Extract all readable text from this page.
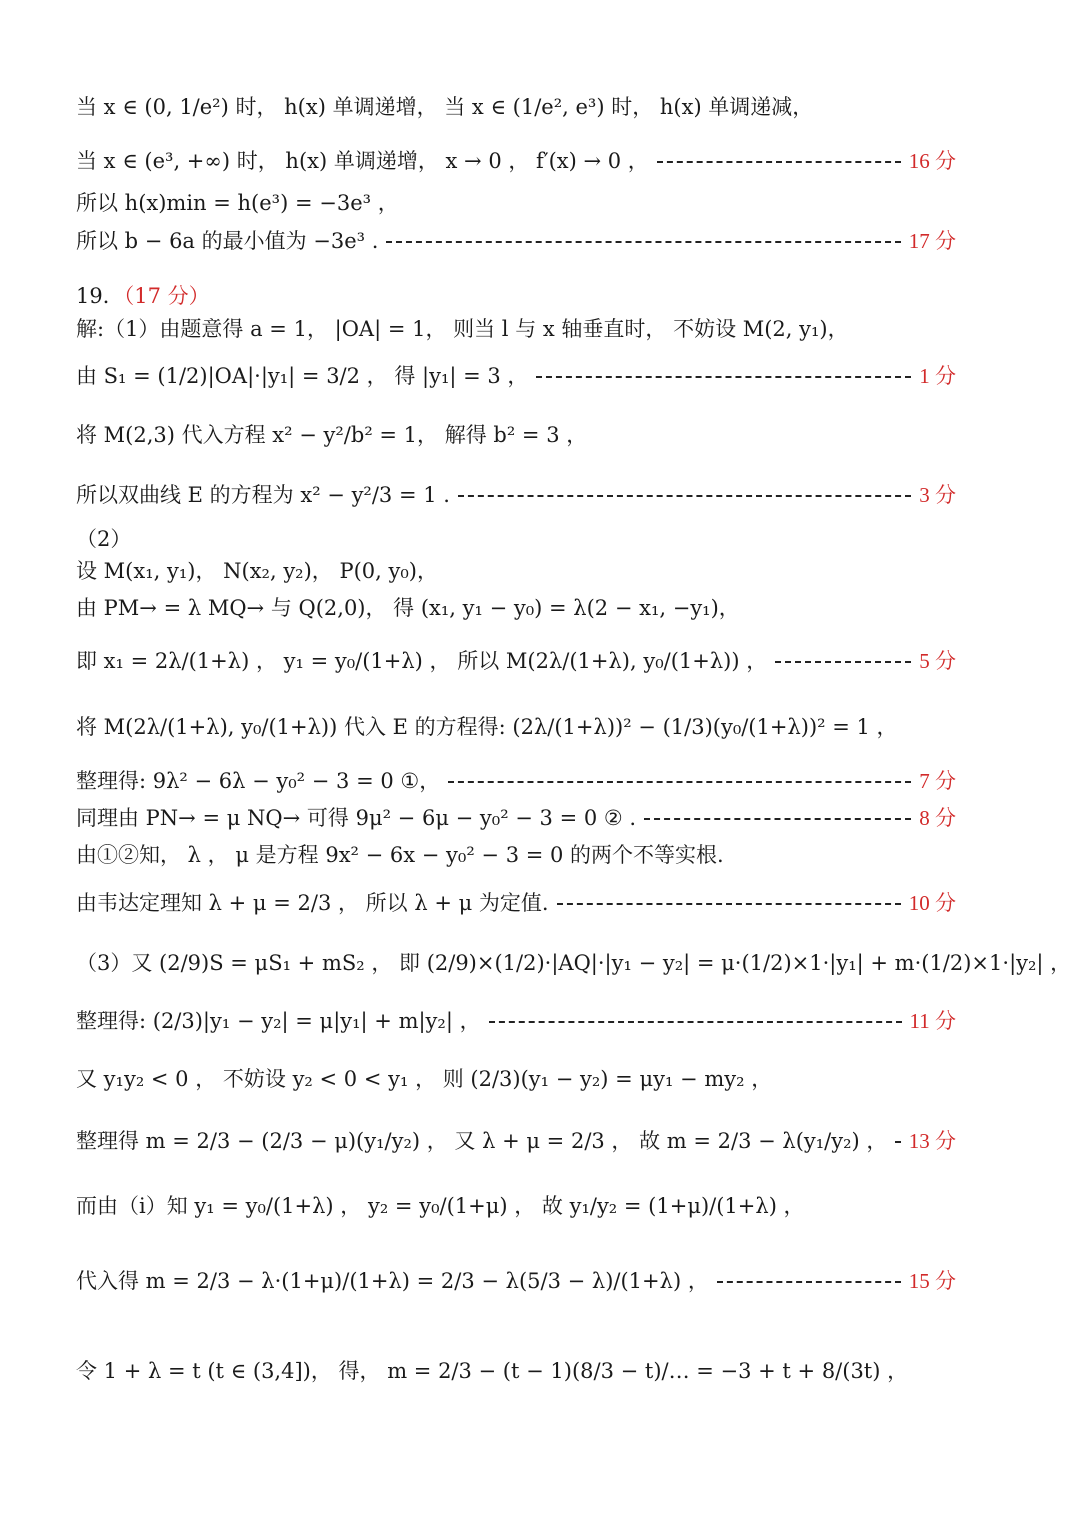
当 x ∈ (0, 1/e²) 时， h(x) 单调递增， 当 x ∈ (1/e², e³) 时， h(x) 单调递减，
当 x ∈ (e³, +∞) 时， h(x) 单调递增， x → 0 ， f′(x) → 0 ，	16 分
所以 h(x)min = h(e³) = −3e³ ，
所以 b − 6a 的最小值为 −3e³ .	17 分
19．（17 分）
解:（1）由题意得 a = 1， |OA| = 1， 则当 l 与 x 轴垂直时， 不妨设 M(2, y₁)，
由 S₁ = (1/2)|OA|·|y₁| = 3/2 ， 得 |y₁| = 3 ，	1 分
将 M(2,3) 代入方程 x² − y²/b² = 1， 解得 b² = 3 ，
所以双曲线 E 的方程为 x² − y²/3 = 1 .	3 分
（2）
设 M(x₁, y₁)， N(x₂, y₂)， P(0, y₀)，
由 PM→ = λ MQ→ 与 Q(2,0)， 得 (x₁, y₁ − y₀) = λ(2 − x₁, −y₁)，
即 x₁ = 2λ/(1+λ) ， y₁ = y₀/(1+λ) ， 所以 M(2λ/(1+λ), y₀/(1+λ)) ，	5 分
将 M(2λ/(1+λ), y₀/(1+λ)) 代入 E 的方程得: (2λ/(1+λ))² − (1/3)(y₀/(1+λ))² = 1 ，
整理得: 9λ² − 6λ − y₀² − 3 = 0 ①，	7 分
同理由 PN→ = μ NQ→ 可得 9μ² − 6μ − y₀² − 3 = 0 ② .	8 分
由①②知， λ ， μ 是方程 9x² − 6x − y₀² − 3 = 0 的两个不等实根.
由韦达定理知 λ + μ = 2/3 ， 所以 λ + μ 为定值.	10 分
（3）又 (2/9)S = μS₁ + mS₂ ， 即 (2/9)×(1/2)·|AQ|·|y₁ − y₂| = μ·(1/2)×1·|y₁| + m·(1/2)×1·|y₂| ，
整理得: (2/3)|y₁ − y₂| = μ|y₁| + m|y₂| ，	11 分
又 y₁y₂ < 0 ， 不妨设 y₂ < 0 < y₁ ， 则 (2/3)(y₁ − y₂) = μy₁ − my₂ ，
整理得 m = 2/3 − (2/3 − μ)(y₁/y₂) ， 又 λ + μ = 2/3 ， 故 m = 2/3 − λ(y₁/y₂) ， 13 分
而由（i）知 y₁ = y₀/(1+λ) ， y₂ = y₀/(1+μ) ， 故 y₁/y₂ = (1+μ)/(1+λ) ，
代入得 m = 2/3 − λ·(1+μ)/(1+λ) = 2/3 − λ(5/3 − λ)/(1+λ) ，	15 分
令 1 + λ = t (t ∈ (3,4])， 得， m = 2/3 − (t − 1)(8/3 − t)/… = −3 + t + 8/(3t) ，
